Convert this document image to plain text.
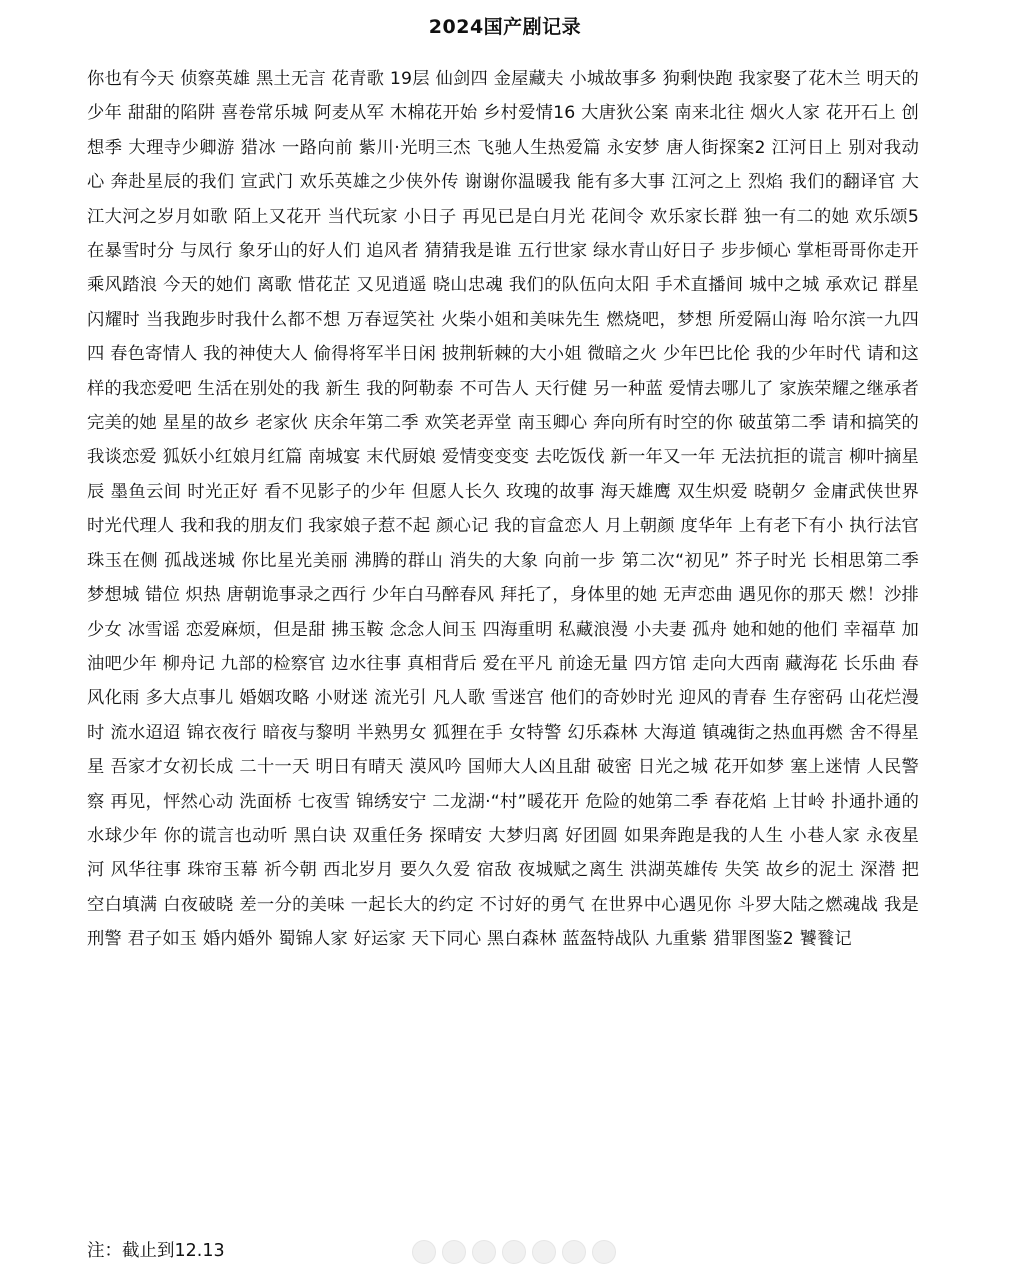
2024国产剧记录
你也有今天 侦察英雄 黑土无言 花青歌 19层 仙剑四 金屋藏夫 小城故事多 狗剩快跑 我家娶了花木兰 明天的少年 甜甜的陷阱 喜卷常乐城 阿麦从军 木棉花开始 乡村爱情16 大唐狄公案 南来北往 烟火人家 花开石上 创想季 大理寺少卿游 猎冰 一路向前 紫川·光明三杰 飞驰人生热爱篇 永安梦 唐人街探案2 江河日上 别对我动心 奔赴星辰的我们 宣武门 欢乐英雄之少侠外传 谢谢你温暖我 能有多大事 江河之上 烈焰 我们的翻译官 大江大河之岁月如歌 陌上又花开 当代玩家 小日子 再见已是白月光 花间令 欢乐家长群 独一有二的她 欢乐颂5 在暴雪时分 与凤行 象牙山的好人们 追风者 猜猜我是谁 五行世家 绿水青山好日子 步步倾心 掌柜哥哥你走开 乘风踏浪 今天的她们 离歌 惜花芷 又见逍遥 晓山忠魂 我们的队伍向太阳 手术直播间 城中之城 承欢记 群星闪耀时 当我跑步时我什么都不想 万春逗笑社 火柴小姐和美味先生 燃烧吧，梦想 所爱隔山海 哈尔滨一九四四 春色寄情人 我的神使大人 偷得将军半日闲 披荆斩棘的大小姐 微暗之火 少年巴比伦 我的少年时代 请和这样的我恋爱吧 生活在别处的我 新生 我的阿勒泰 不可告人 天行健 另一种蓝 爱情去哪儿了 家族荣耀之继承者 完美的她 星星的故乡 老家伙 庆余年第二季 欢笑老弄堂 南玉卿心 奔向所有时空的你 破茧第二季 请和搞笑的我谈恋爱 狐妖小红娘月红篇 南城宴 末代厨娘 爱情变变变 去吃饭伐 新一年又一年 无法抗拒的谎言 柳叶摘星辰 墨鱼云间 时光正好 看不见影子的少年 但愿人长久 玫瑰的故事 海天雄鹰 双生炽爱 晓朝夕 金庸武侠世界 时光代理人 我和我的朋友们 我家娘子惹不起 颜心记 我的盲盒恋人 月上朝颜 度华年 上有老下有小 执行法官 珠玉在侧 孤战迷城 你比星光美丽 沸腾的群山 消失的大象 向前一步 第二次“初见” 芥子时光 长相思第二季 梦想城 错位 炽热 唐朝诡事录之西行 少年白马醉春风 拜托了，身体里的她 无声恋曲 遇见你的那天 燃！沙排少女 冰雪谣 恋爱麻烦，但是甜 拂玉鞍 念念人间玉 四海重明 私藏浪漫 小夫妻 孤舟 她和她的他们 幸福草 加油吧少年 柳舟记 九部的检察官 边水往事 真相背后 爱在平凡 前途无量 四方馆 走向大西南 藏海花 长乐曲 春风化雨 多大点事儿 婚姻攻略 小财迷 流光引 凡人歌 雪迷宫 他们的奇妙时光 迎风的青春 生存密码 山花烂漫时 流水迢迢 锦衣夜行 暗夜与黎明 半熟男女 狐狸在手 女特警 幻乐森林 大海道 镇魂街之热血再燃 舍不得星星 吾家才女初长成 二十一天 明日有晴天 漠风吟 国师大人凶且甜 破密 日光之城 花开如梦 塞上迷情 人民警察 再见，怦然心动 洗面桥 七夜雪 锦绣安宁 二龙湖·“村”暖花开 危险的她第二季 春花焰 上甘岭 扑通扑通的水球少年 你的谎言也动听 黑白诀 双重任务 探晴安 大梦归离 好团圆 如果奔跑是我的人生 小巷人家 永夜星河 风华往事 珠帘玉幕 祈今朝 西北岁月 要久久爱 宿敌 夜城赋之离生 洪湖英雄传 失笑 故乡的泥土 深潜 把空白填满 白夜破晓 差一分的美味 一起长大的约定 不讨好的勇气 在世界中心遇见你 斗罗大陆之燃魂战 我是刑警 君子如玉 婚内婚外 蜀锦人家 好运家 天下同心 黑白森林 蓝盔特战队 九重紫 猎罪图鉴2 饕餮记
注：截止到12.13
